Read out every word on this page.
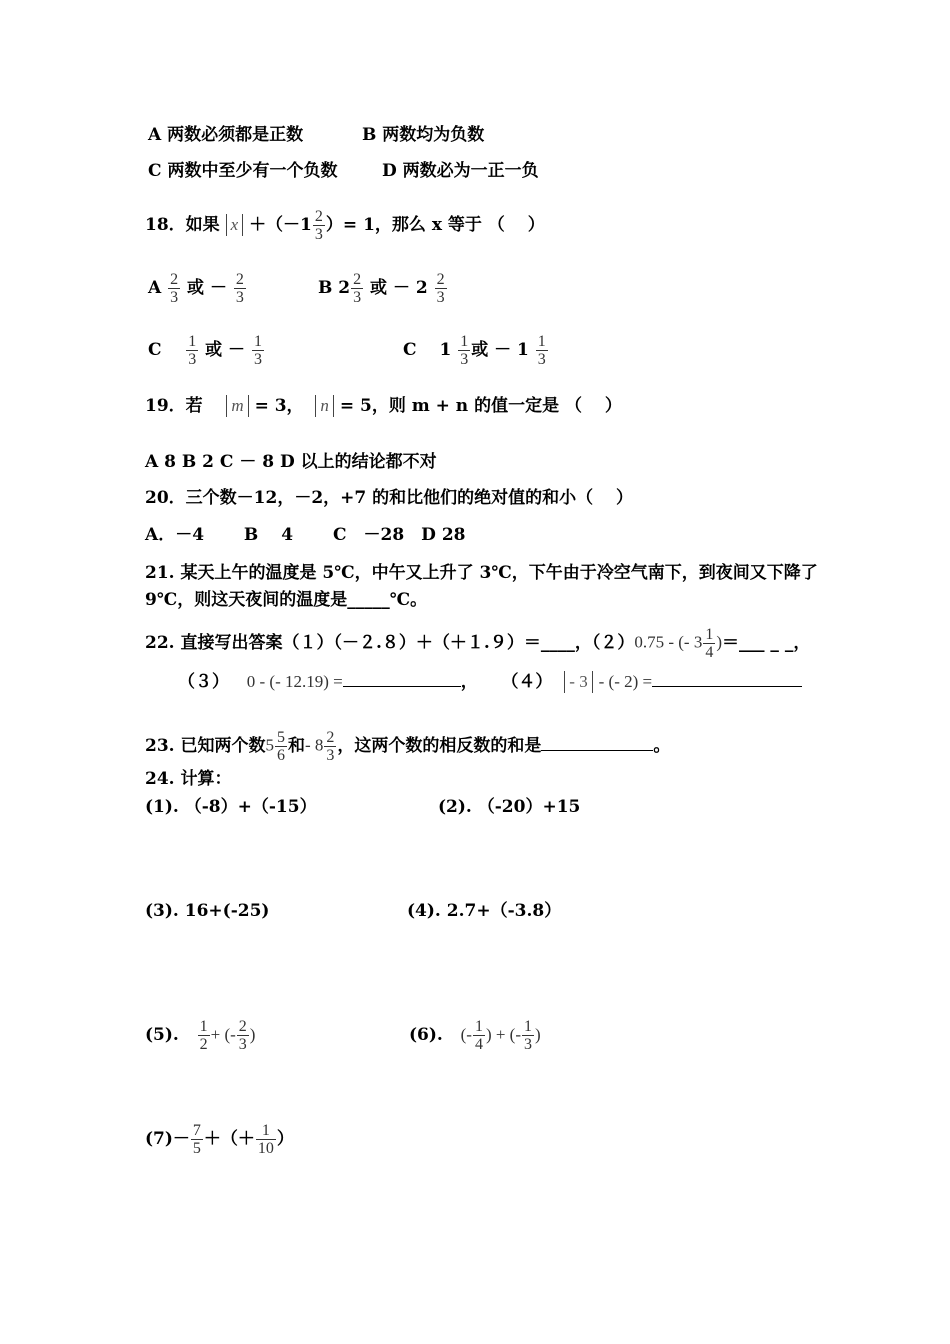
A 两数必须都是正数	B 两数均为负数
C 两数中至少有一个负数	D 两数必为一正一负
18．如果 $x +(-1 \frac{2}{3}$ ）= 1，那么 x 等于 （　 ）
A $\frac{2}{3}$ 或 － $\frac{2}{3}$	B $2 \frac{2}{3}$ 或 － $2 \frac{2}{3}$
C $\frac{1}{3}$ 或 － $\frac{1}{3}$	C　 $1 \frac{1}{3}$ 或 － $1 \frac{1}{3}$
19．若 m = 3， n = 5，则 m + n 的值一定是 （　 ）
A 8 B 2 C － 8 D 以上的结论都不对
20．三个数－12，－2，+7 的和比他们的绝对值的和小（　 ）
A．－4　　 B　 4　　 C　－28　D 28
21. 某天上午的温度是 5℃，中午又上升了 3℃，下午由于冷空气南下，到夜间又下降了
9℃，则这天夜间的温度是_____℃。
22. 直接写出答案（１）（－２.８）＋（＋１.９）＝____，（２）0.75 - (- $3 \frac{1}{4}$ )＝___ _ _，
（３） 0 - (- 12.19) =	， （４） - 3 - (- 2) =
23. 已知两个数$5 \frac{5}{6}$ 和- $8 \frac{2}{3}$ ，这两个数的相反数的和是	。
24. 计算：
(1). （-8）+（-15）	(2). （-20）+15
(3). 16+(-25)	(4). 2.7+（-3.8）
(5). $\frac{1}{2}$ + (- $\frac{2}{3}$ )	(6). (- $\frac{1}{4}$ ) + (- $\frac{1}{3}$ )
$(7)- \frac{7}{5}$ ＋（＋ $\frac{1}{10}$ ）
